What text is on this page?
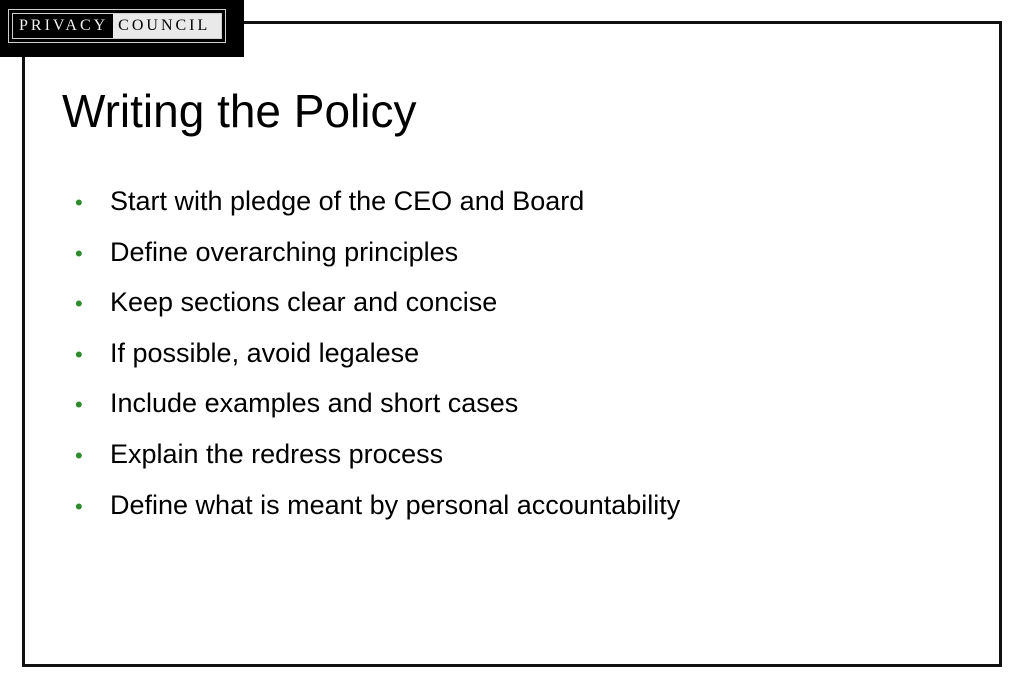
PRIVACY COUNCIL
Writing the Policy
•	Start with pledge of the CEO and Board
•	Define overarching principles
•	Keep sections clear and concise
•	If possible, avoid legalese
•	Include examples and short cases
•	Explain the redress process
•	Define what is meant by personal accountability
